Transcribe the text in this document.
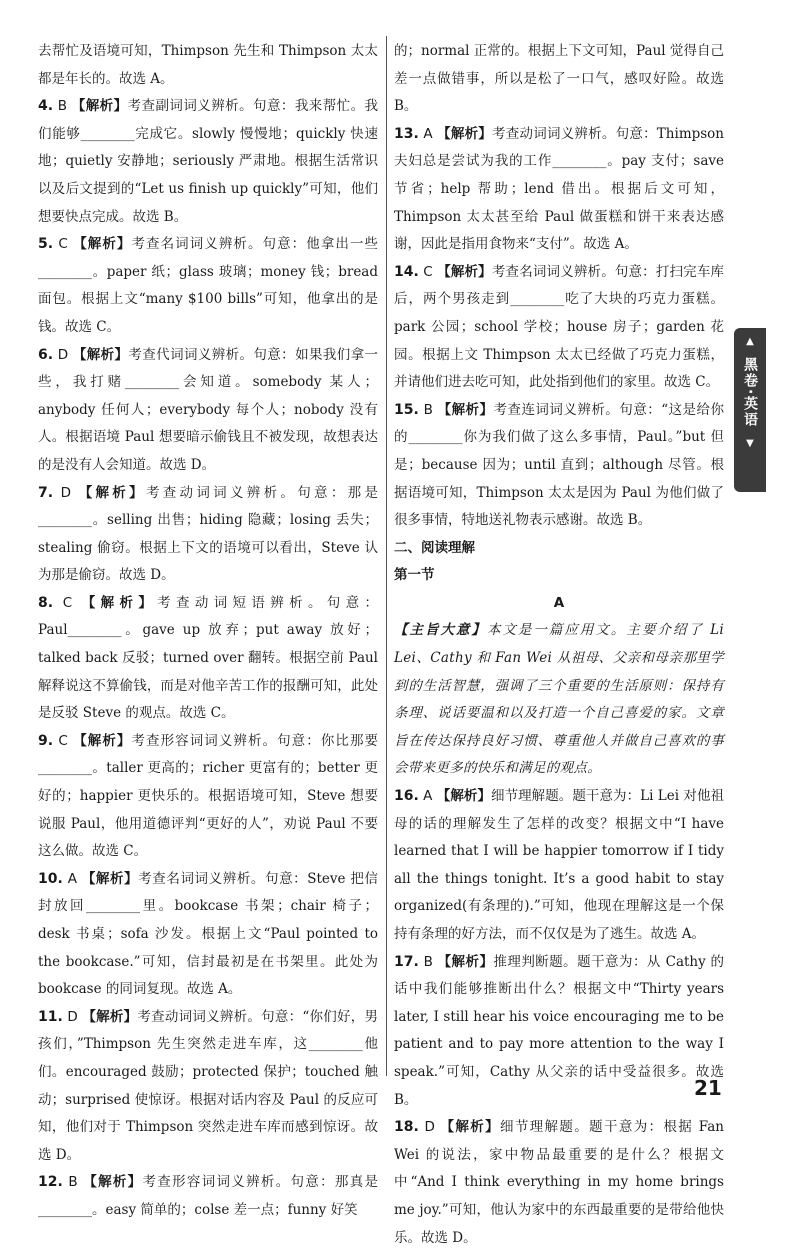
去帮忙及语境可知，Thimpson 先生和 Thimpson 太太都是年长的。故选 A。

4. B 【解析】考查副词词义辨析。句意：我来帮忙。我们能够________完成它。slowly 慢慢地；quickly 快速地；quietly 安静地；seriously 严肃地。根据生活常识以及后文提到的“Let us finish up quickly”可知，他们想要快点完成。故选 B。

5. C 【解析】考查名词词义辨析。句意：他拿出一些________。paper 纸；glass 玻璃；money 钱；bread 面包。根据上文“many $100 bills”可知，他拿出的是钱。故选 C。

6. D 【解析】考查代词词义辨析。句意：如果我们拿一些，我打赌________会知道。somebody 某人；anybody 任何人；everybody 每个人；nobody 没有人。根据语境 Paul 想要暗示偷钱且不被发现，故想表达的是没有人会知道。故选 D。

7. D 【解析】考查动词词义辨析。句意：那是________。selling 出售；hiding 隐藏；losing 丢失；stealing 偷窃。根据上下文的语境可以看出，Steve 认为那是偷窃。故选 D。

8. C 【解析】考查动词短语辨析。句意：Paul________。gave up 放弃；put away 放好；talked back 反驳；turned over 翻转。根据空前 Paul 解释说这不算偷钱，而是对他辛苦工作的报酬可知，此处是反驳 Steve 的观点。故选 C。

9. C 【解析】考查形容词词义辨析。句意：你比那要________。taller 更高的；richer 更富有的；better 更好的；happier 更快乐的。根据语境可知，Steve 想要说服 Paul，他用道德评判“更好的人”，劝说 Paul 不要这么做。故选 C。

10. A 【解析】考查名词词义辨析。句意：Steve 把信封放回________里。bookcase 书架；chair 椅子；desk 书桌；sofa 沙发。根据上文“Paul pointed to the bookcase.”可知，信封最初是在书架里。此处为 bookcase 的同词复现。故选 A。

11. D 【解析】考查动词词义辨析。句意：“你们好，男孩们，”Thimpson 先生突然走进车库，这________他们。encouraged 鼓励；protected 保护；touched 触动；surprised 使惊讶。根据对话内容及 Paul 的反应可知，他们对于 Thimpson 突然走进车库而感到惊讶。故选 D。

12. B 【解析】考查形容词词义辨析。句意：那真是________。easy 简单的；colse 差一点；funny 好笑

的；normal 正常的。根据上下文可知，Paul 觉得自己差一点做错事，所以是松了一口气，感叹好险。故选 B。

13. A 【解析】考查动词词义辨析。句意：Thimpson 夫妇总是尝试为我的工作________。pay 支付；save 节省；help 帮助；lend 借出。根据后文可知，Thimpson 太太甚至给 Paul 做蛋糕和饼干来表达感谢，因此是指用食物来“支付”。故选 A。

14. C 【解析】考查名词词义辨析。句意：打扫完车库后，两个男孩走到________吃了大块的巧克力蛋糕。park 公园；school 学校；house 房子；garden 花园。根据上文 Thimpson 太太已经做了巧克力蛋糕，并请他们进去吃可知，此处指到他们的家里。故选 C。

15. B 【解析】考查连词词义辨析。句意：“这是给你的________你为我们做了这么多事情，Paul。”but 但是；because 因为；until 直到；although 尽管。根据语境可知，Thimpson 太太是因为 Paul 为他们做了很多事情，特地送礼物表示感谢。故选 B。

二、阅读理解

第一节

A

【主旨大意】本文是一篇应用文。主要介绍了 Li Lei、Cathy 和 Fan Wei 从祖母、父亲和母亲那里学到的生活智慧，强调了三个重要的生活原则：保持有条理、说话要温和以及打造一个自己喜爱的家。文章旨在传达保持良好习惯、尊重他人并做自己喜欢的事会带来更多的快乐和满足的观点。

16. A 【解析】细节理解题。题干意为：Li Lei 对他祖母的话的理解发生了怎样的改变？根据文中“I have learned that I will be happier tomorrow if I tidy all the things tonight. It’s a good habit to stay organized(有条理的).”可知，他现在理解这是一个保持有条理的好方法，而不仅仅是为了逃生。故选 A。

17. B 【解析】推理判断题。题干意为：从 Cathy 的话中我们能够推断出什么？根据文中“Thirty years later, I still hear his voice encouraging me to be patient and to pay more attention to the way I speak.”可知，Cathy 从父亲的话中受益很多。故选 B。

18. D 【解析】细节理解题。题干意为：根据 Fan Wei 的说法，家中物品最重要的是什么？根据文中“And I think everything in my home brings me joy.”可知，他认为家中的东西最重要的是带给他快乐。故选 D。

▲
黑卷·英语
▼
21
